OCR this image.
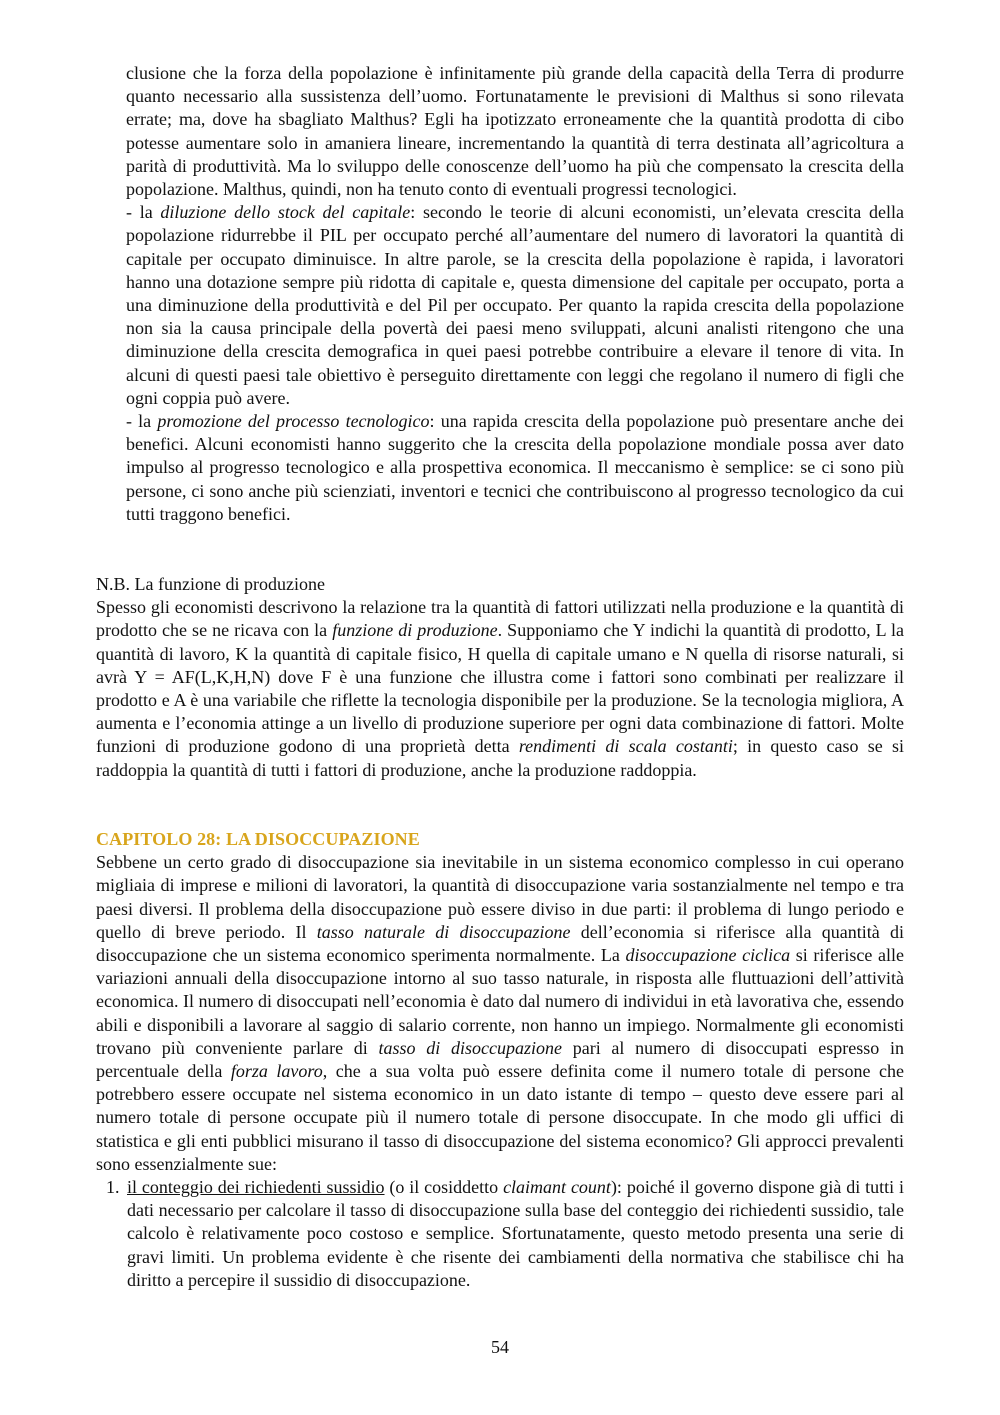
clusione che la forza della popolazione è infinitamente più grande della capacità della Terra di produrre quanto necessario alla sussistenza dell’uomo. Fortunatamente le previsioni di Malthus si sono rilevata errate; ma, dove ha sbagliato Malthus? Egli ha ipotizzato erroneamente che la quantità prodotta di cibo potesse aumentare solo in amaniera lineare, incrementando la quantità di terra destinata all’agricoltura a parità di produttività. Ma lo sviluppo delle conoscenze dell’uomo ha più che compensato la crescita della popolazione. Malthus, quindi, non ha tenuto conto di eventuali progressi tecnologici.

- la diluzione dello stock del capitale: secondo le teorie di alcuni economisti, un’elevata crescita della popolazione ridurrebbe il PIL per occupato perché all’aumentare del numero di lavoratori la quantità di capitale per occupato diminuisce. In altre parole, se la crescita della popolazione è rapida, i lavoratori hanno una dotazione sempre più ridotta di capitale e, questa dimensione del capitale per occupato, porta a una diminuzione della produttività e del Pil per occupato. Per quanto la rapida crescita della popolazione non sia la causa principale della povertà dei paesi meno sviluppati, alcuni analisti ritengono che una diminuzione della crescita demografica in quei paesi potrebbe contribuire a elevare il tenore di vita. In alcuni di questi paesi tale obiettivo è perseguito direttamente con leggi che regolano il numero di figli che ogni coppia può avere.

- la promozione del processo tecnologico: una rapida crescita della popolazione può presentare anche dei benefici. Alcuni economisti hanno suggerito che la crescita della popolazione mondiale possa aver dato impulso al progresso tecnologico e alla prospettiva economica. Il meccanismo è semplice: se ci sono più persone, ci sono anche più scienziati, inventori e tecnici che contribuiscono al progresso tecnologico da cui tutti traggono benefici.

N.B. La funzione di produzione

Spesso gli economisti descrivono la relazione tra la quantità di fattori utilizzati nella produzione e la quantità di prodotto che se ne ricava con la funzione di produzione. Supponiamo che Y indichi la quantità di prodotto, L la quantità di lavoro, K la quantità di capitale fisico, H quella di capitale umano e N quella di risorse naturali, si avrà Y = AF(L,K,H,N) dove F è una funzione che illustra come i fattori sono combinati per realizzare il prodotto e A è una variabile che riflette la tecnologia disponibile per la produzione. Se la tecnologia migliora, A aumenta e l’economia attinge a un livello di produzione superiore per ogni data combinazione di fattori. Molte funzioni di produzione godono di una proprietà detta rendimenti di scala costanti; in questo caso se si raddoppia la quantità di tutti i fattori di produzione, anche la produzione raddoppia.

CAPITOLO 28: LA DISOCCUPAZIONE

Sebbene un certo grado di disoccupazione sia inevitabile in un sistema economico complesso in cui operano migliaia di imprese e milioni di lavoratori, la quantità di disoccupazione varia sostanzialmente nel tempo e tra paesi diversi. Il problema della disoccupazione può essere diviso in due parti: il problema di lungo periodo e quello di breve periodo. Il tasso naturale di disoccupazione dell’economia si riferisce alla quantità di disoccupazione che un sistema economico sperimenta normalmente. La disoccupazione ciclica si riferisce alle variazioni annuali della disoccupazione intorno al suo tasso naturale, in risposta alle fluttuazioni dell’attività economica. Il numero di disoccupati nell’economia è dato dal numero di individui in età lavorativa che, essendo abili e disponibili a lavorare al saggio di salario corrente, non hanno un impiego. Normalmente gli economisti trovano più conveniente parlare di tasso di disoccupazione pari al numero di disoccupati espresso in percentuale della forza lavoro, che a sua volta può essere definita come il numero totale di persone che potrebbero essere occupate nel sistema economico in un dato istante di tempo – questo deve essere pari al numero totale di persone occupate più il numero totale di persone disoccupate. In che modo gli uffici di statistica e gli enti pubblici misurano il tasso di disoccupazione del sistema economico? Gli approcci prevalenti sono essenzialmente sue:

1. il conteggio dei richiedenti sussidio (o il cosiddetto claimant count): poiché il governo dispone già di tutti i dati necessario per calcolare il tasso di disoccupazione sulla base del conteggio dei richiedenti sussidio, tale calcolo è relativamente poco costoso e semplice. Sfortunatamente, questo metodo presenta una serie di gravi limiti. Un problema evidente è che risente dei cambiamenti della normativa che stabilisce chi ha diritto a percepire il sussidio di disoccupazione.

54
